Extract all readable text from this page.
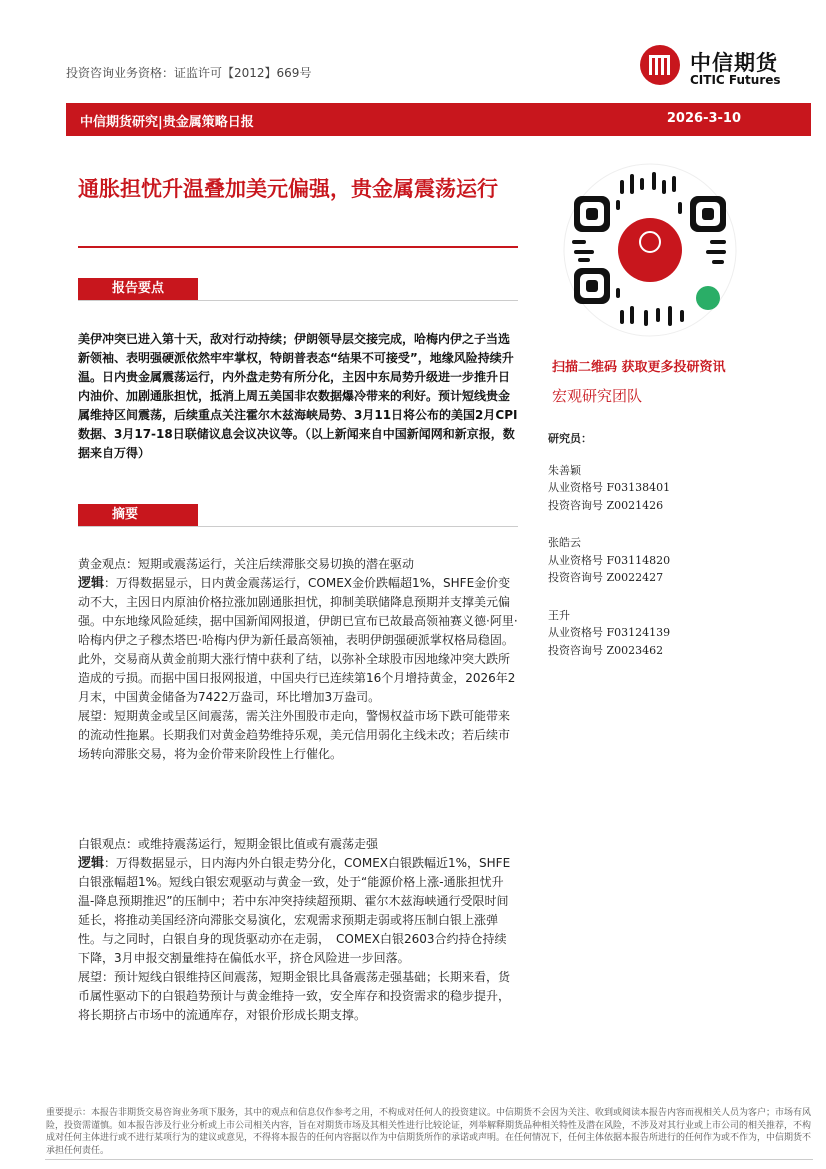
投资咨询业务资格：证监许可【2012】669号	中信期货
CITIC Futures
中信期货研究|贵金属策略日报	2026-3-10
通胀担忧升温叠加美元偏强，贵金属震荡运行
报告要点
美伊冲突已进入第十天，敌对行动持续；伊朗领导层交接完成，哈梅内伊之子当选新领袖、表明强硬派依然牢牢掌权，特朗普表态“结果不可接受”，地缘风险持续升温。日内贵金属震荡运行，内外盘走势有所分化，主因中东局势升级进一步推升日内油价、加剧通胀担忧，抵消上周五美国非农数据爆冷带来的利好。预计短线贵金属维持区间震荡，后续重点关注霍尔木兹海峡局势、3月11日将公布的美国2月CPI数据、3月17-18日联储议息会议决议等。（以上新闻来自中国新闻网和新京报，数据来自万得）
摘要

黄金观点：短期或震荡运行，关注后续滞胀交易切换的潜在驱动

逻辑：万得数据显示，日内黄金震荡运行，COMEX金价跌幅超1%，SHFE金价变动不大，主因日内原油价格拉涨加剧通胀担忧，抑制美联储降息预期并支撑美元偏强。中东地缘风险延续，据中国新闻网报道，伊朗已宣布已故最高领袖赛义德·阿里·哈梅内伊之子穆杰塔巴·哈梅内伊为新任最高领袖，表明伊朗强硬派掌权格局稳固。此外，交易商从黄金前期大涨行情中获利了结，以弥补全球股市因地缘冲突大跌所造成的亏损。而据中国日报网报道，中国央行已连续第16个月增持黄金，2026年2月末，中国黄金储备为7422万盎司，环比增加3万盎司。

展望：短期黄金或呈区间震荡，需关注外围股市走向，警惕权益市场下跌可能带来的流动性拖累。长期我们对黄金趋势维持乐观，美元信用弱化主线未改；若后续市场转向滞胀交易，将为金价带来阶段性上行催化。

白银观点：或维持震荡运行，短期金银比值或有震荡走强

逻辑：万得数据显示，日内海内外白银走势分化，COMEX白银跌幅近1%，SHFE白银涨幅超1%。短线白银宏观驱动与黄金一致，处于“能源价格上涨-通胀担忧升温-降息预期推迟”的压制中；若中东冲突持续超预期、霍尔木兹海峡通行受限时间延长，将推动美国经济向滞胀交易演化，宏观需求预期走弱或将压制白银上涨弹性。与之同时，白银自身的现货驱动亦在走弱，　COMEX白银2603合约持仓持续下降，3月申报交割量维持在偏低水平，挤仓风险进一步回落。

展望：预计短线白银维持区间震荡，短期金银比具备震荡走强基础；长期来看，货币属性驱动下的白银趋势预计与黄金维持一致，安全库存和投资需求的稳步提升，将长期挤占市场中的流通库存，对银价形成长期支撑。

扫描二维码 获取更多投研资讯
宏观研究团队
研究员：
朱善颖
从业资格号 F03138401
投资咨询号 Z0021426
张皓云
从业资格号 F03114820
投资咨询号 Z0022427
王升
从业资格号 F03124139
投资咨询号 Z0023462
重要提示：本报告非期货交易咨询业务项下服务，其中的观点和信息仅作参考之用，不构成对任何人的投资建议。中信期货不会因为关注、收到或阅读本报告内容而视相关人员为客户；市场有风险，投资需谨慎。如本报告涉及行业分析或上市公司相关内容，旨在对期货市场及其相关性进行比较论证，列举解释期货品种相关特性及潜在风险，不涉及对其行业或上市公司的相关推荐，不构成对任何主体进行或不进行某项行为的建议或意见，不得将本报告的任何内容据以作为中信期货所作的承诺或声明。在任何情况下，任何主体依据本报告所进行的任何作为或不作为，中信期货不承担任何责任。
